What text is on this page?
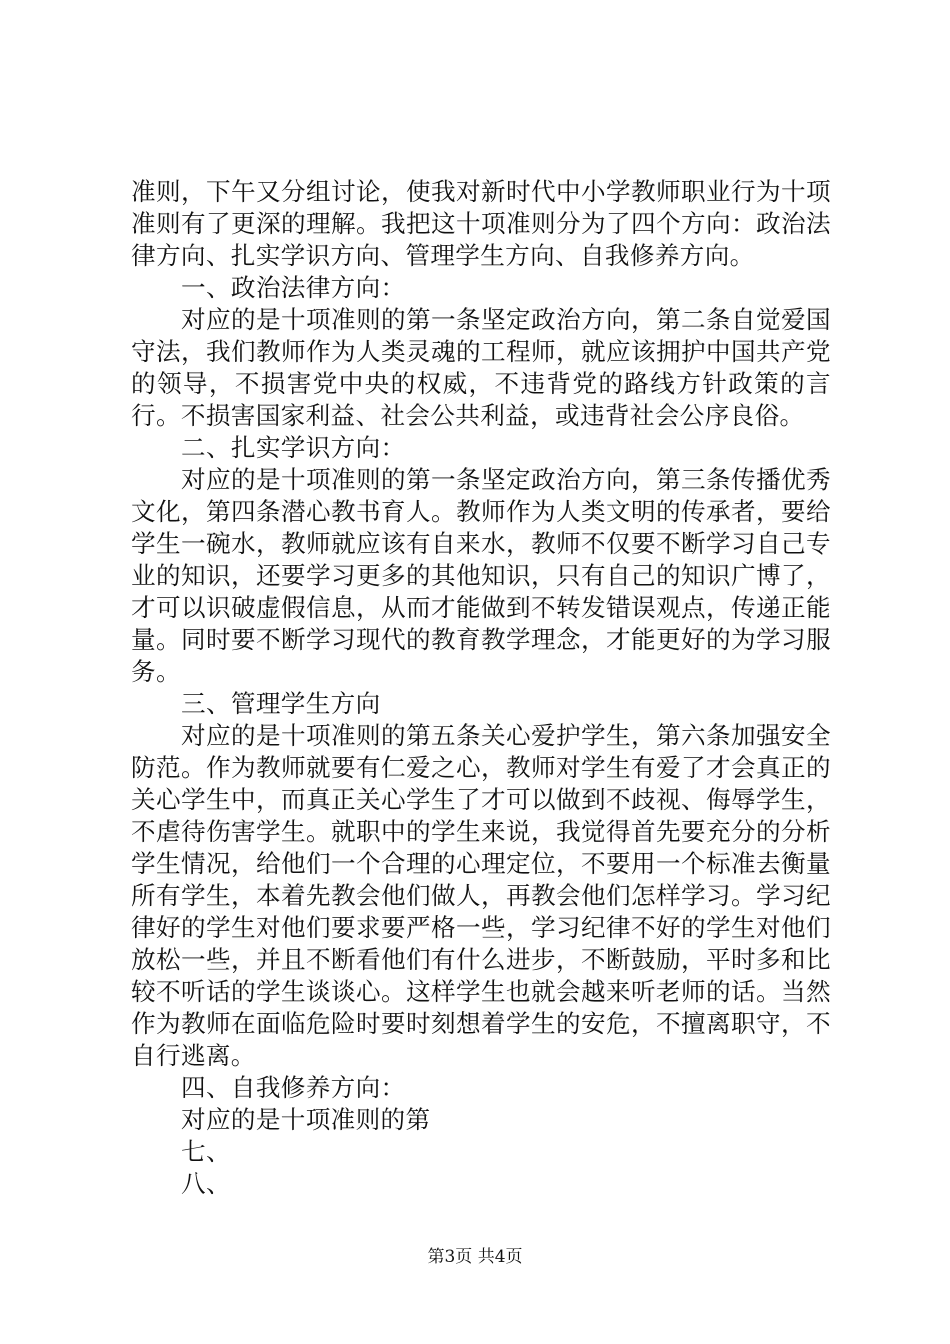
准则，下午又分组讨论，使我对新时代中小学教师职业行为十项准则有了更深的理解。我把这十项准则分为了四个方向：政治法律方向、扎实学识方向、管理学生方向、自我修养方向。

一、政治法律方向：

对应的是十项准则的第一条坚定政治方向，第二条自觉爱国守法，我们教师作为人类灵魂的工程师，就应该拥护中国共产党的领导，不损害党中央的权威，不违背党的路线方针政策的言行。不损害国家利益、社会公共利益，或违背社会公序良俗。

二、扎实学识方向：

对应的是十项准则的第一条坚定政治方向，第三条传播优秀文化，第四条潜心教书育人。教师作为人类文明的传承者，要给学生一碗水，教师就应该有自来水，教师不仅要不断学习自己专业的知识，还要学习更多的其他知识，只有自己的知识广博了，才可以识破虚假信息，从而才能做到不转发错误观点，传递正能量。同时要不断学习现代的教育教学理念，才能更好的为学习服务。

三、管理学生方向

对应的是十项准则的第五条关心爱护学生，第六条加强安全防范。作为教师就要有仁爱之心，教师对学生有爱了才会真正的关心学生中，而真正关心学生了才可以做到不歧视、侮辱学生，不虐待伤害学生。就职中的学生来说，我觉得首先要充分的分析学生情况，给他们一个合理的心理定位，不要用一个标准去衡量所有学生，本着先教会他们做人，再教会他们怎样学习。学习纪律好的学生对他们要求要严格一些，学习纪律不好的学生对他们放松一些，并且不断看他们有什么进步，不断鼓励，平时多和比较不听话的学生谈谈心。这样学生也就会越来听老师的话。当然作为教师在面临危险时要时刻想着学生的安危，不擅离职守，不自行逃离。

四、自我修养方向：

对应的是十项准则的第

七、

八、

第3页 共4页
